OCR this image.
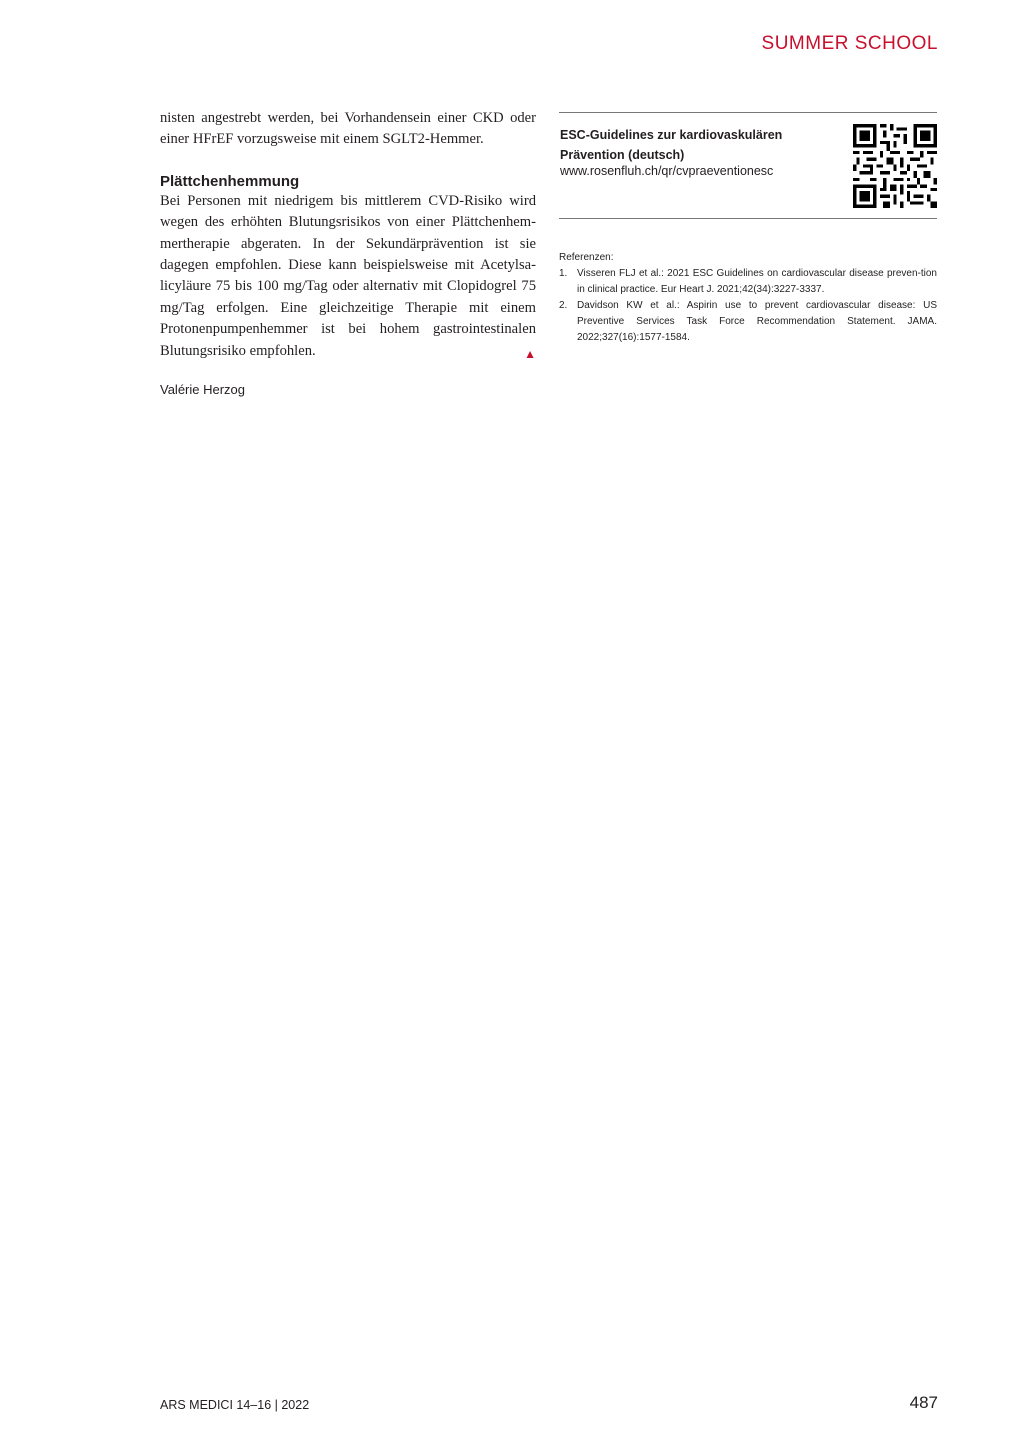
SUMMER SCHOOL

nisten angestrebt werden, bei Vorhandensein einer CKD oder einer HFrEF vorzugsweise mit einem SGLT2-Hemmer.

Plättchenhemmung

Bei Personen mit niedrigem bis mittlerem CVD-Risiko wird wegen des erhöhten Blutungsrisikos von einer Plättchenhem-mertherapie abgeraten. In der Sekundärprävention ist sie dagegen empfohlen. Diese kann beispielsweise mit Acetylsa-licyläure 75 bis 100 mg/Tag oder alternativ mit Clopidogrel 75 mg/Tag erfolgen. Eine gleichzeitige Therapie mit einem Protonenpumpenhemmer ist bei hohem gastrointestinalen Blutungsrisiko empfohlen.	▲

Valérie Herzog
ESC-Guidelines zur kardiovaskulären Prävention (deutsch)
www.rosenfluh.ch/qr/cvpraeventionesc
Referenzen:
1. Visseren FLJ et al.: 2021 ESC Guidelines on cardiovascular disease preven-tion in clinical practice. Eur Heart J. 2021;42(34):3227-3337.
2. Davidson KW et al.: Aspirin use to prevent cardiovascular disease: US Preventive Services Task Force Recommendation Statement. JAMA. 2022;327(16):1577-1584.
ARS MEDICI 14–16 | 2022	487
